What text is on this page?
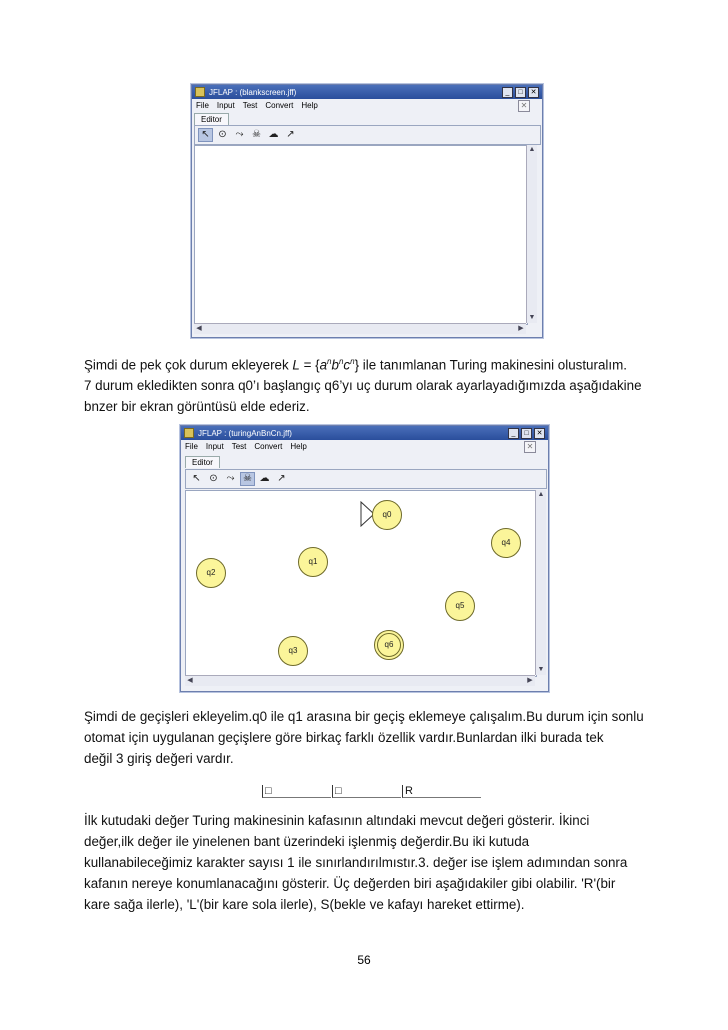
JFLAP : (blankscreen.jff)	_	□	✕
File Input Test Convert Help	✕
Editor
↖ ⊙ ⤳ ☠ ☁ ↗
▲
▼
◀	▶

Şimdi de pek çok durum ekleyerek $L = \{a^nb^nc^n\}$ ile tanımlanan Turing makinesini olusturalım.

7 durum ekledikten sonra q0’ı başlangıç q6’yı uç durum olarak ayarlayadığımızda aşağıdakine

bnzer bir ekran görüntüsü elde ederiz.

JFLAP : (turingAnBnCn.jff)	_	□	✕
File Input Test Convert Help	✕
Editor
↖ ⊙ ⤳ ☠ ☁ ↗
q0
q1
q2
q3
q4
q5
q6
▲
▼
◀	▶

Şimdi de geçişleri ekleyelim.q0 ile q1 arasına bir geçiş eklemeye çalışalım.Bu durum için sonlu

otomat için uygulanan geçişlere göre birkaç farklı özellik vardır.Bunlardan ilki burada tek

değil 3 giriş değeri vardır.

□	□	R

İlk kutudaki değer Turing makinesinin kafasının altındaki mevcut değeri gösterir. İkinci

değer,ilk değer ile yinelenen bant üzerindeki işlenmiş değerdir.Bu iki kutuda

kullanabileceğimiz karakter sayısı 1 ile sınırlandırılmıstır.3. değer ise işlem adımından sonra

kafanın nereye konumlanacağını gösterir. Üç değerden biri aşağıdakiler gibi olabilir. 'R'(bir

kare sağa ilerle), 'L'(bir kare sola ilerle), S(bekle ve kafayı hareket ettirme).

56
